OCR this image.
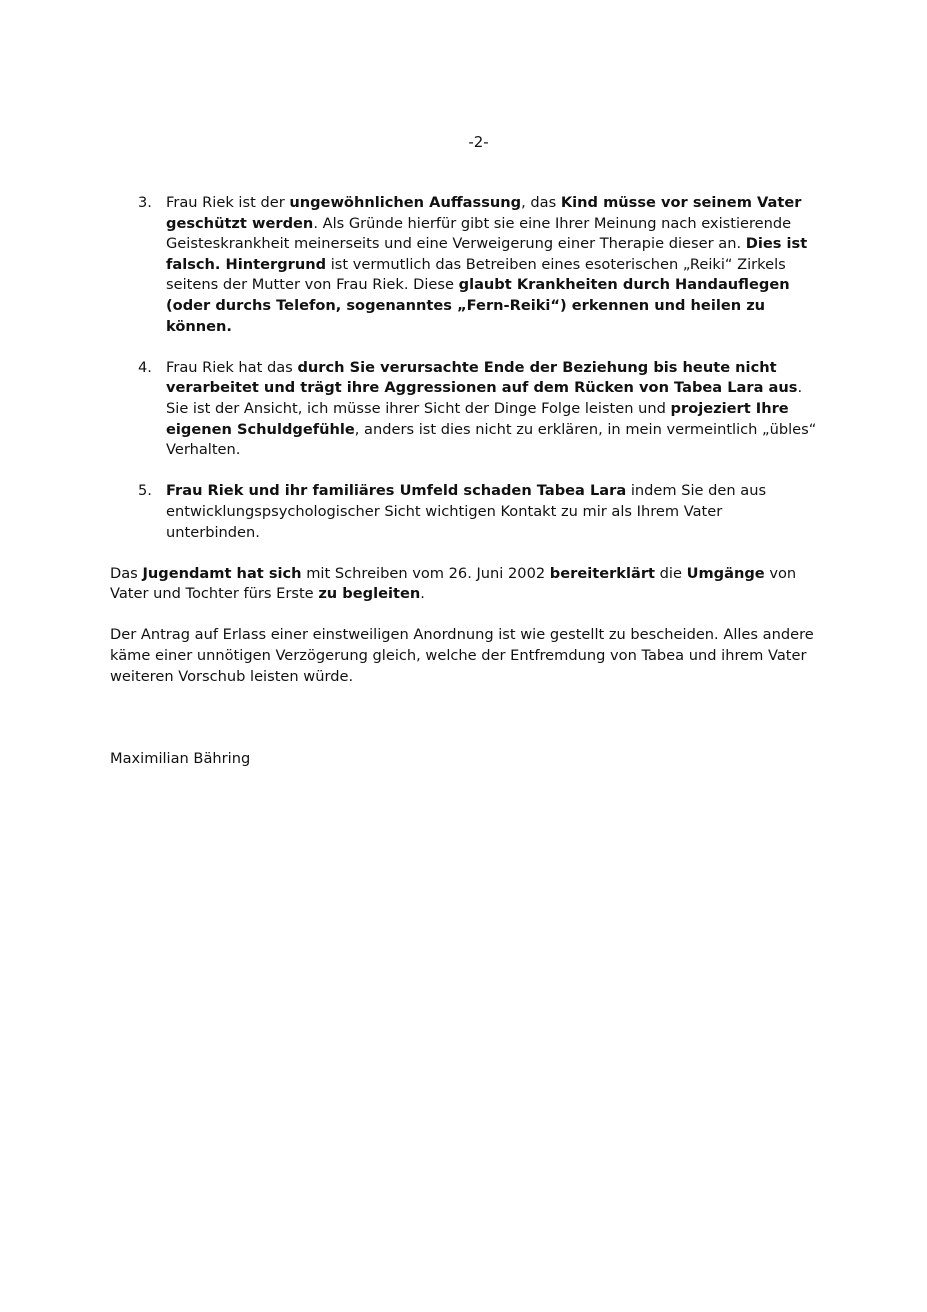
-2-
3. Frau Riek ist der ungewöhnlichen Auffassung, das Kind müsse vor seinem Vater geschützt werden. Als Gründe hierfür gibt sie eine Ihrer Meinung nach existierende Geisteskrankheit meinerseits und eine Verweigerung einer Therapie dieser an. Dies ist falsch. Hintergrund ist vermutlich das Betreiben eines esoterischen „Reiki“ Zirkels seitens der Mutter von Frau Riek. Diese glaubt Krankheiten durch Handauflegen (oder durchs Telefon, sogenanntes „Fern-Reiki“) erkennen und heilen zu können.
4. Frau Riek hat das durch Sie verursachte Ende der Beziehung bis heute nicht verarbeitet und trägt ihre Aggressionen auf dem Rücken von Tabea Lara aus. Sie ist der Ansicht, ich müsse ihrer Sicht der Dinge Folge leisten und projeziert Ihre eigenen Schuldgefühle, anders ist dies nicht zu erklären, in mein vermeintlich „übles“ Verhalten.
5. Frau Riek und ihr familiäres Umfeld schaden Tabea Lara indem Sie den aus entwicklungspsychologischer Sicht wichtigen Kontakt zu mir als Ihrem Vater unterbinden.

Das Jugendamt hat sich mit Schreiben vom 26. Juni 2002 bereiterklärt die Umgänge von Vater und Tochter fürs Erste zu begleiten.

Der Antrag auf Erlass einer einstweiligen Anordnung ist wie gestellt zu bescheiden. Alles andere käme einer unnötigen Verzögerung gleich, welche der Entfremdung von Tabea und ihrem Vater weiteren Vorschub leisten würde.

Maximilian Bähring
